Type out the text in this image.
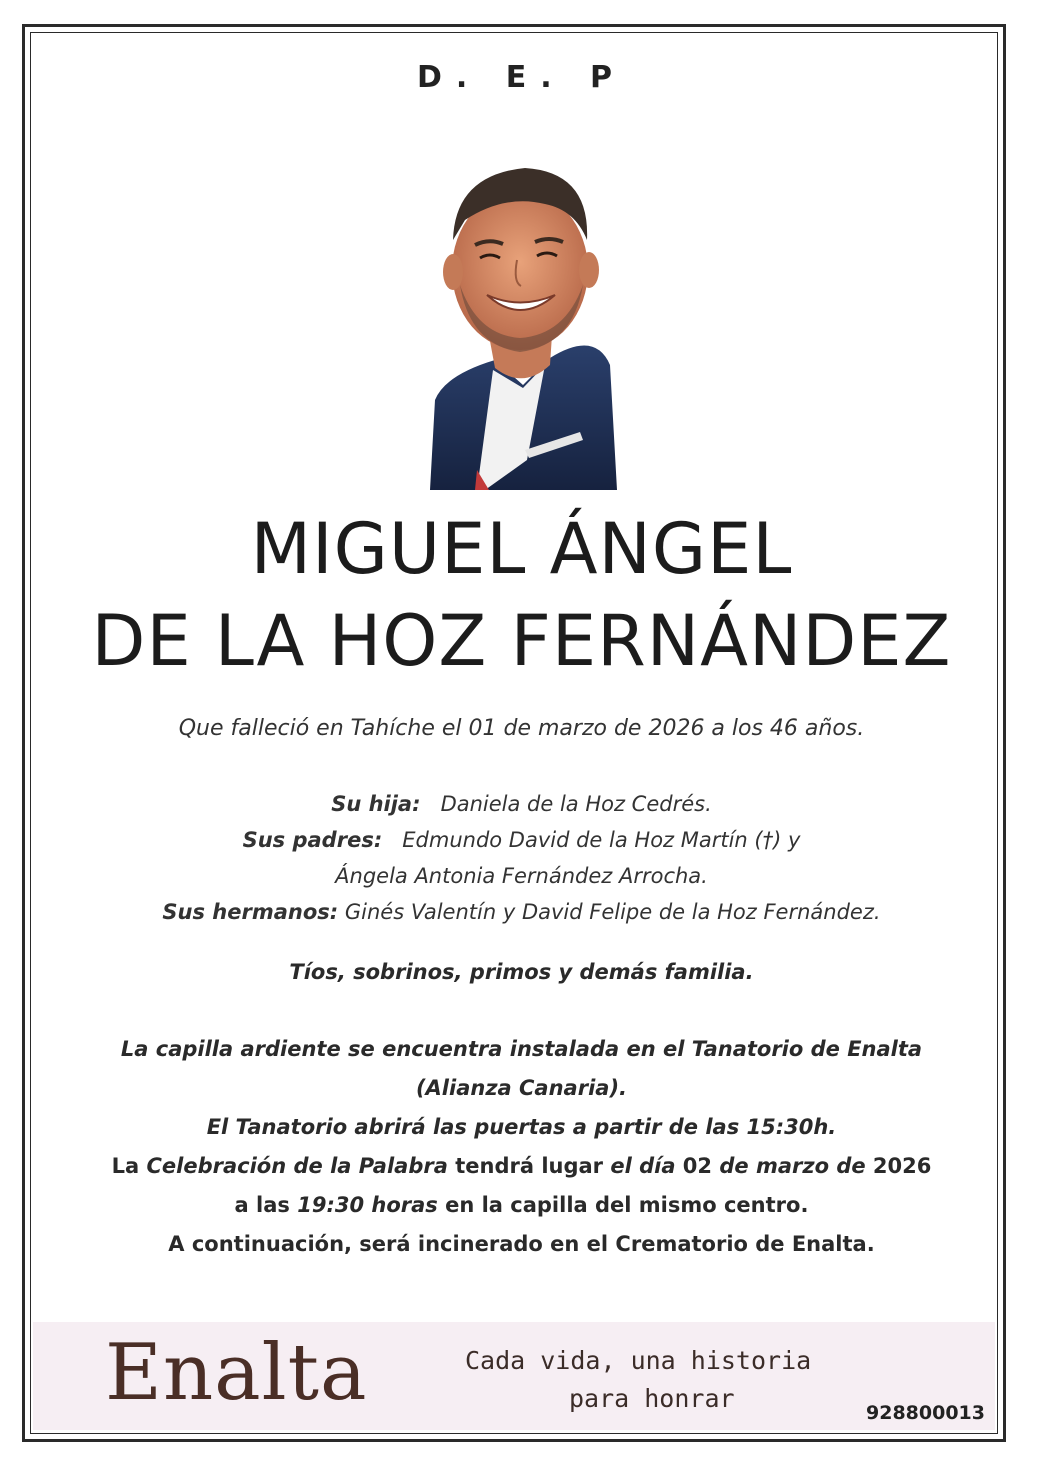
D. E. P
MIGUEL ÁNGEL
DE LA HOZ FERNÁNDEZ
Que falleció en Tahíche el 01 de marzo de 2026 a los 46 años.
Su hija: Daniela de la Hoz Cedrés.
Sus padres: Edmundo David de la Hoz Martín (†) y
Ángela Antonia Fernández Arrocha.
Sus hermanos: Ginés Valentín y David Felipe de la Hoz Fernández.
Tíos, sobrinos, primos y demás familia.
La capilla ardiente se encuentra instalada en el Tanatorio de Enalta
(Alianza Canaria).
El Tanatorio abrirá las puertas a partir de las 15:30h.
La Celebración de la Palabra tendrá lugar el día 02 de marzo de 2026
a las 19:30 horas en la capilla del mismo centro.
A continuación, será incinerado en el Crematorio de Enalta.
Enalta	Cada vida, una historia
para honrar	928800013
